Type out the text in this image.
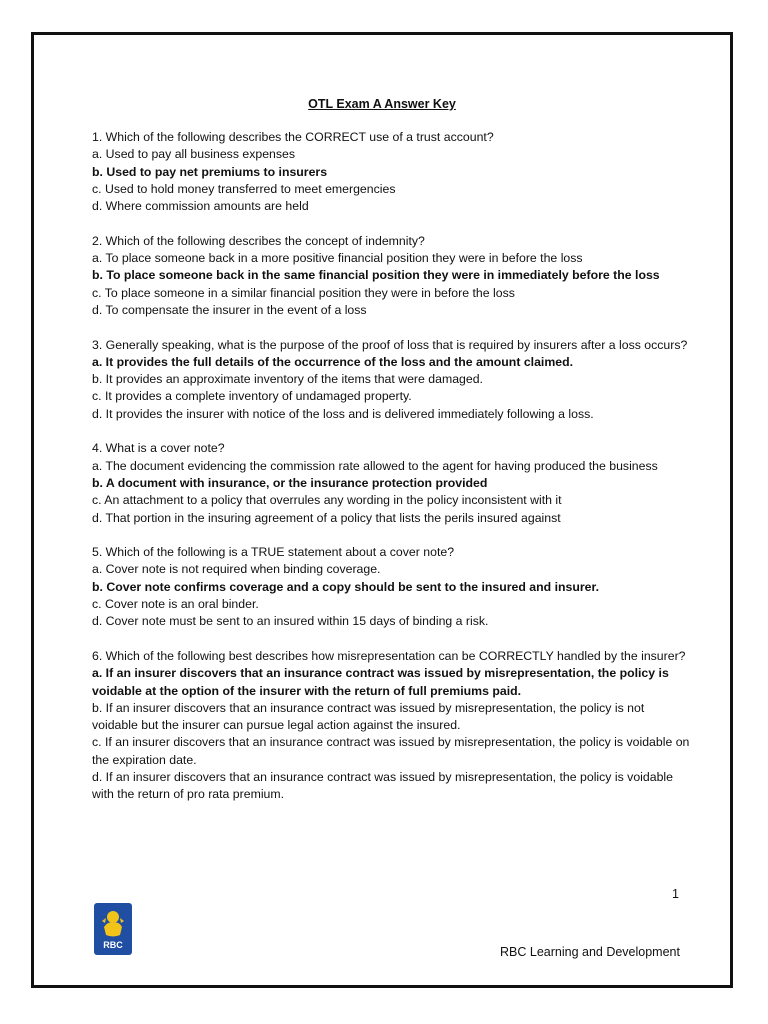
OTL Exam A Answer Key

1. Which of the following describes the CORRECT use of a trust account?

a. Used to pay all business expenses

b. Used to pay net premiums to insurers

c. Used to hold money transferred to meet emergencies

d. Where commission amounts are held

2. Which of the following describes the concept of indemnity?

a. To place someone back in a more positive financial position they were in before the loss

b. To place someone back in the same financial position they were in immediately before the loss

c. To place someone in a similar financial position they were in before the loss

d. To compensate the insurer in the event of a loss

3. Generally speaking, what is the purpose of the proof of loss that is required by insurers after a loss occurs?

a. It provides the full details of the occurrence of the loss and the amount claimed.

b. It provides an approximate inventory of the items that were damaged.

c. It provides a complete inventory of undamaged property.

d. It provides the insurer with notice of the loss and is delivered immediately following a loss.

4. What is a cover note?

a. The document evidencing the commission rate allowed to the agent for having produced the business

b. A document with insurance, or the insurance protection provided

c. An attachment to a policy that overrules any wording in the policy inconsistent with it

d. That portion in the insuring agreement of a policy that lists the perils insured against

5. Which of the following is a TRUE statement about a cover note?

a. Cover note is not required when binding coverage.

b. Cover note confirms coverage and a copy should be sent to the insured and insurer.

c. Cover note is an oral binder.

d. Cover note must be sent to an insured within 15 days of binding a risk.

6. Which of the following best describes how misrepresentation can be CORRECTLY handled by the insurer?

a. If an insurer discovers that an insurance contract was issued by misrepresentation, the policy is voidable at the option of the insurer with the return of full premiums paid.

b. If an insurer discovers that an insurance contract was issued by misrepresentation, the policy is not voidable but the insurer can pursue legal action against the insured.

c. If an insurer discovers that an insurance contract was issued by misrepresentation, the policy is voidable on the expiration date.

d. If an insurer discovers that an insurance contract was issued by misrepresentation, the policy is voidable with the return of pro rata premium.

1
RBC	RBC Learning and Development
